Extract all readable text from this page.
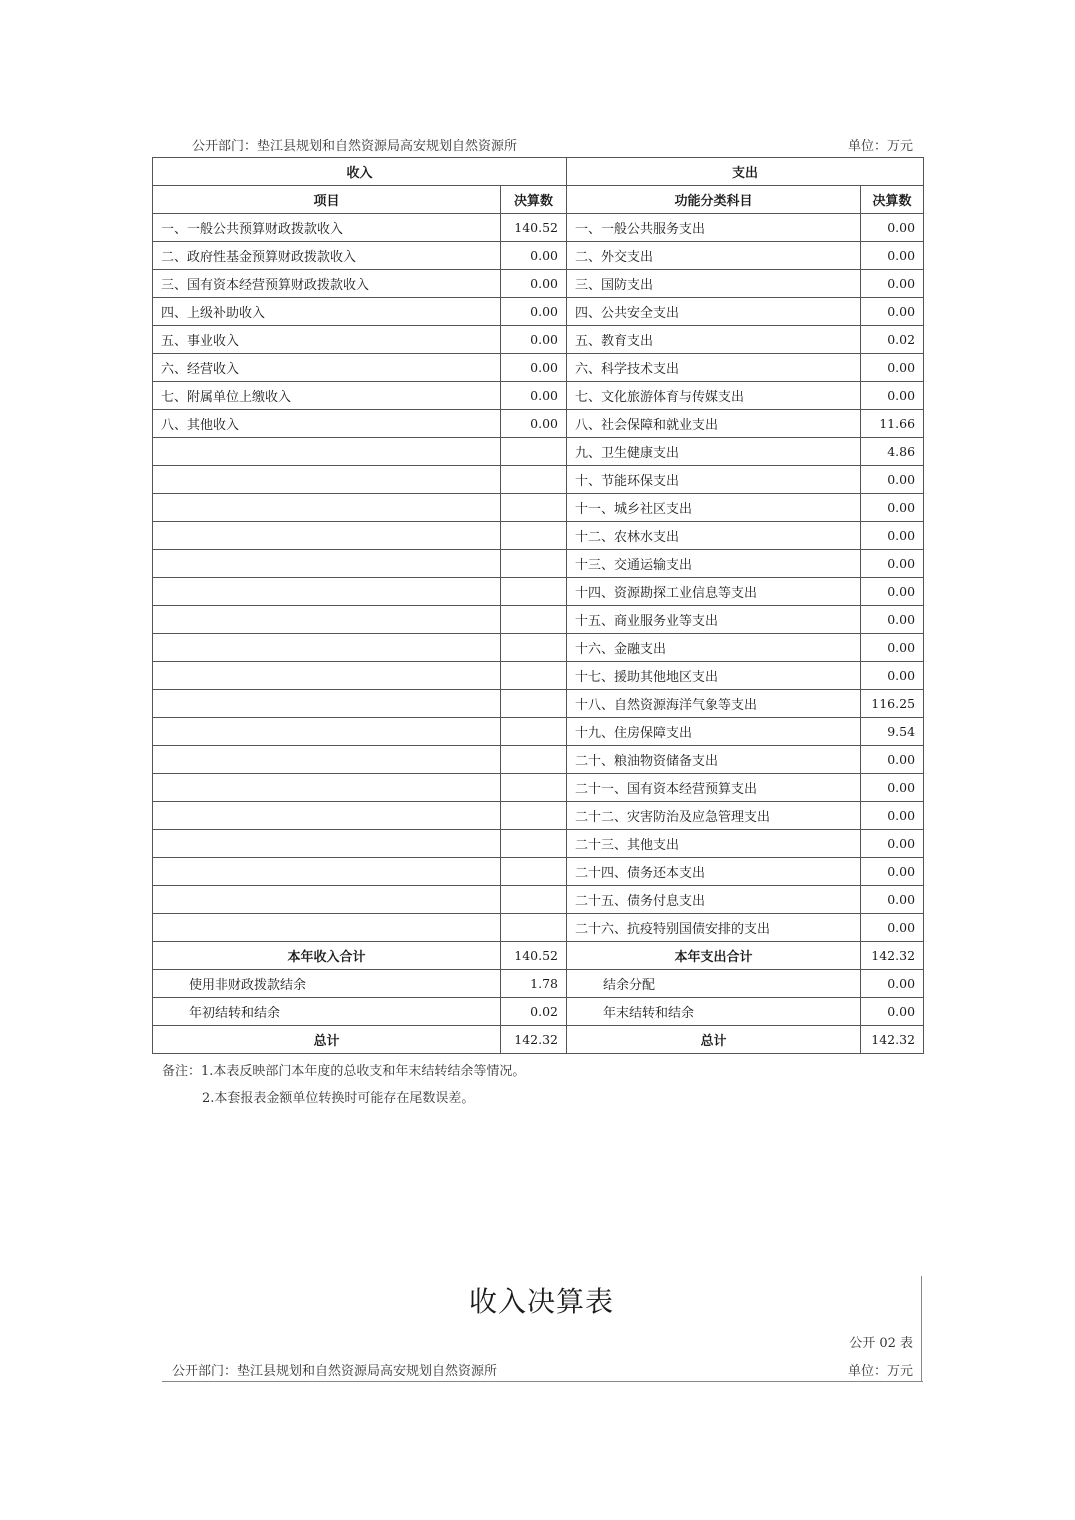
公开部门：垫江县规划和自然资源局高安规划自然资源所	单位：万元
收入		支出	
项目	决算数	功能分类科目	决算数
一、一般公共预算财政拨款收入	140.52	一、一般公共服务支出	0.00
二、政府性基金预算财政拨款收入	0.00	二、外交支出	0.00
三、国有资本经营预算财政拨款收入	0.00	三、国防支出	0.00
四、上级补助收入	0.00	四、公共安全支出	0.00
五、事业收入	0.00	五、教育支出	0.02
六、经营收入	0.00	六、科学技术支出	0.00
七、附属单位上缴收入	0.00	七、文化旅游体育与传媒支出	0.00
八、其他收入	0.00	八、社会保障和就业支出	11.66
		九、卫生健康支出	4.86
		十、节能环保支出	0.00
		十一、城乡社区支出	0.00
		十二、农林水支出	0.00
		十三、交通运输支出	0.00
		十四、资源勘探工业信息等支出	0.00
		十五、商业服务业等支出	0.00
		十六、金融支出	0.00
		十七、援助其他地区支出	0.00
		十八、自然资源海洋气象等支出	116.25
		十九、住房保障支出	9.54
		二十、粮油物资储备支出	0.00
		二十一、国有资本经营预算支出	0.00
		二十二、灾害防治及应急管理支出	0.00
		二十三、其他支出	0.00
		二十四、债务还本支出	0.00
		二十五、债务付息支出	0.00
		二十六、抗疫特别国债安排的支出	0.00
本年收入合计	140.52	本年支出合计	142.32
使用非财政拨款结余	1.78	结余分配	0.00
年初结转和结余	0.02	年末结转和结余	0.00
总计	142.32	总计	142.32
备注：1.本表反映部门本年度的总收支和年末结转结余等情况。
2.本套报表金额单位转换时可能存在尾数误差。
收入决算表
公开 02 表
公开部门：垫江县规划和自然资源局高安规划自然资源所	单位：万元
